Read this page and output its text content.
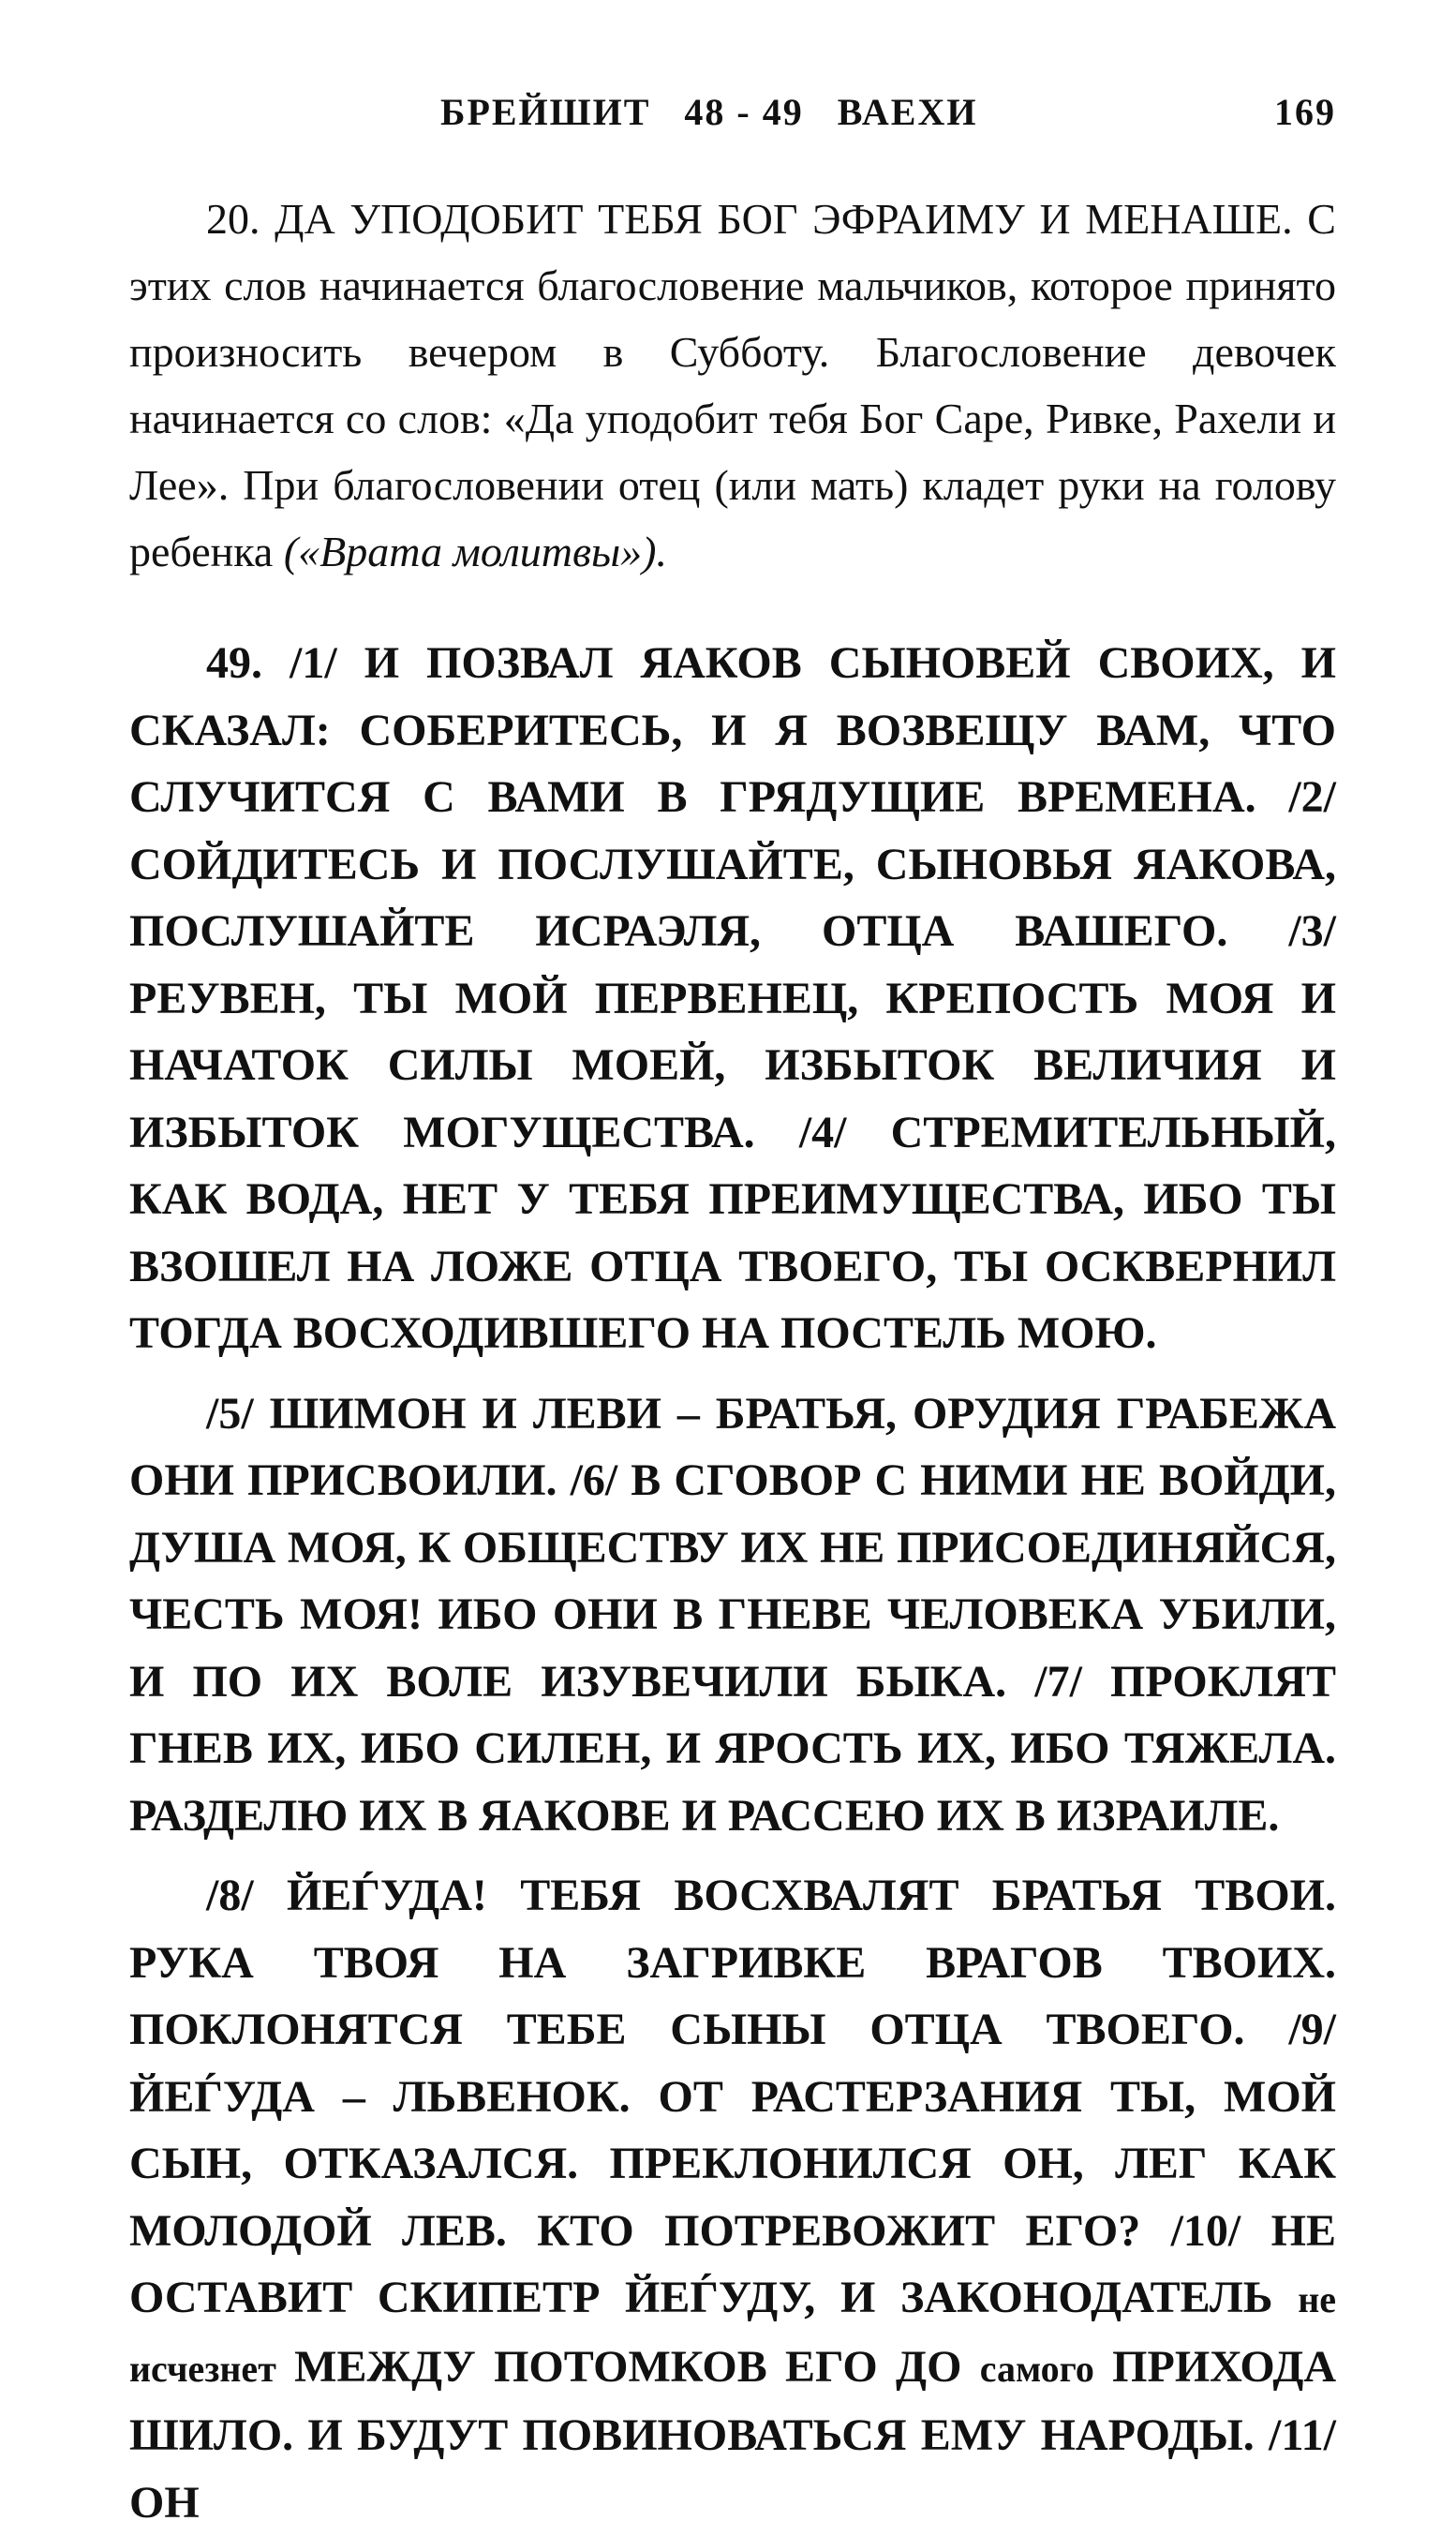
БРЕЙШИТ   48 - 49   ВАЕХИ	169

20. ДА УПОДОБИТ ТЕБЯ БОГ ЭФРАИМУ И МЕНАШЕ. С этих слов начинается благословение мальчиков, которое принято произносить вечером в Субботу. Благословение девочек начинается со слов: «Да уподобит тебя Бог Саре, Ривке, Рахели и Лее». При благословении отец (или мать) кладет руки на голову ребенка («Врата молитвы»).

49. /1/ И ПОЗВАЛ ЯАКОВ СЫНОВЕЙ СВОИХ, И СКАЗАЛ: СОБЕРИТЕСЬ, И Я ВОЗВЕЩУ ВАМ, ЧТО СЛУЧИТСЯ С ВАМИ В ГРЯДУЩИЕ ВРЕМЕНА. /2/ СОЙДИТЕСЬ И ПОСЛУШАЙТЕ, СЫНОВЬЯ ЯАКОВА, ПОСЛУШАЙТЕ ИСРАЭЛЯ, ОТЦА ВАШЕГО. /3/ РЕУВЕН, ТЫ МОЙ ПЕРВЕНЕЦ, КРЕПОСТЬ МОЯ И НАЧАТОК СИЛЫ МОЕЙ, ИЗБЫТОК ВЕЛИЧИЯ И ИЗБЫТОК МОГУЩЕСТВА. /4/ СТРЕМИТЕЛЬНЫЙ, КАК ВОДА, НЕТ У ТЕБЯ ПРЕИМУЩЕСТВА, ИБО ТЫ ВЗОШЕЛ НА ЛОЖЕ ОТЦА ТВОЕГО, ТЫ ОСКВЕРНИЛ ТОГДА ВОСХОДИВШЕГО НА ПОСТЕЛЬ МОЮ.

/5/ ШИМОН И ЛЕВИ – БРАТЬЯ, ОРУДИЯ ГРАБЕЖА ОНИ ПРИСВОИЛИ. /6/ В СГОВОР С НИМИ НЕ ВОЙДИ, ДУША МОЯ, К ОБЩЕСТВУ ИХ НЕ ПРИСОЕДИНЯЙСЯ, ЧЕСТЬ МОЯ! ИБО ОНИ В ГНЕВЕ ЧЕЛОВЕКА УБИЛИ, И ПО ИХ ВОЛЕ ИЗУВЕЧИЛИ БЫКА. /7/ ПРОКЛЯТ ГНЕВ ИХ, ИБО СИЛЕН, И ЯРОСТЬ ИХ, ИБО ТЯЖЕЛА. РАЗДЕЛЮ ИХ В ЯАКОВЕ И РАССЕЮ ИХ В ИЗРАИЛЕ.

/8/ ЙЕЃУДА! ТЕБЯ ВОСХВАЛЯТ БРАТЬЯ ТВОИ. РУКА ТВОЯ НА ЗАГРИВКЕ ВРАГОВ ТВОИХ. ПОКЛОНЯТСЯ ТЕБЕ СЫНЫ ОТЦА ТВОЕГО. /9/ ЙЕЃУДА – ЛЬВЕНОК. ОТ РАСТЕРЗАНИЯ ТЫ, МОЙ СЫН, ОТКАЗАЛСЯ. ПРЕКЛОНИЛСЯ ОН, ЛЕГ КАК МОЛОДОЙ ЛЕВ. КТО ПОТРЕВОЖИТ ЕГО? /10/ НЕ ОСТАВИТ СКИПЕТР ЙЕЃУДУ, И ЗАКОНОДАТЕЛЬ не исчезнет МЕЖДУ ПОТОМКОВ ЕГО ДО самого ПРИХОДА ШИЛО. И БУДУТ ПОВИНОВАТЬСЯ ЕМУ НАРОДЫ. /11/ ОН
